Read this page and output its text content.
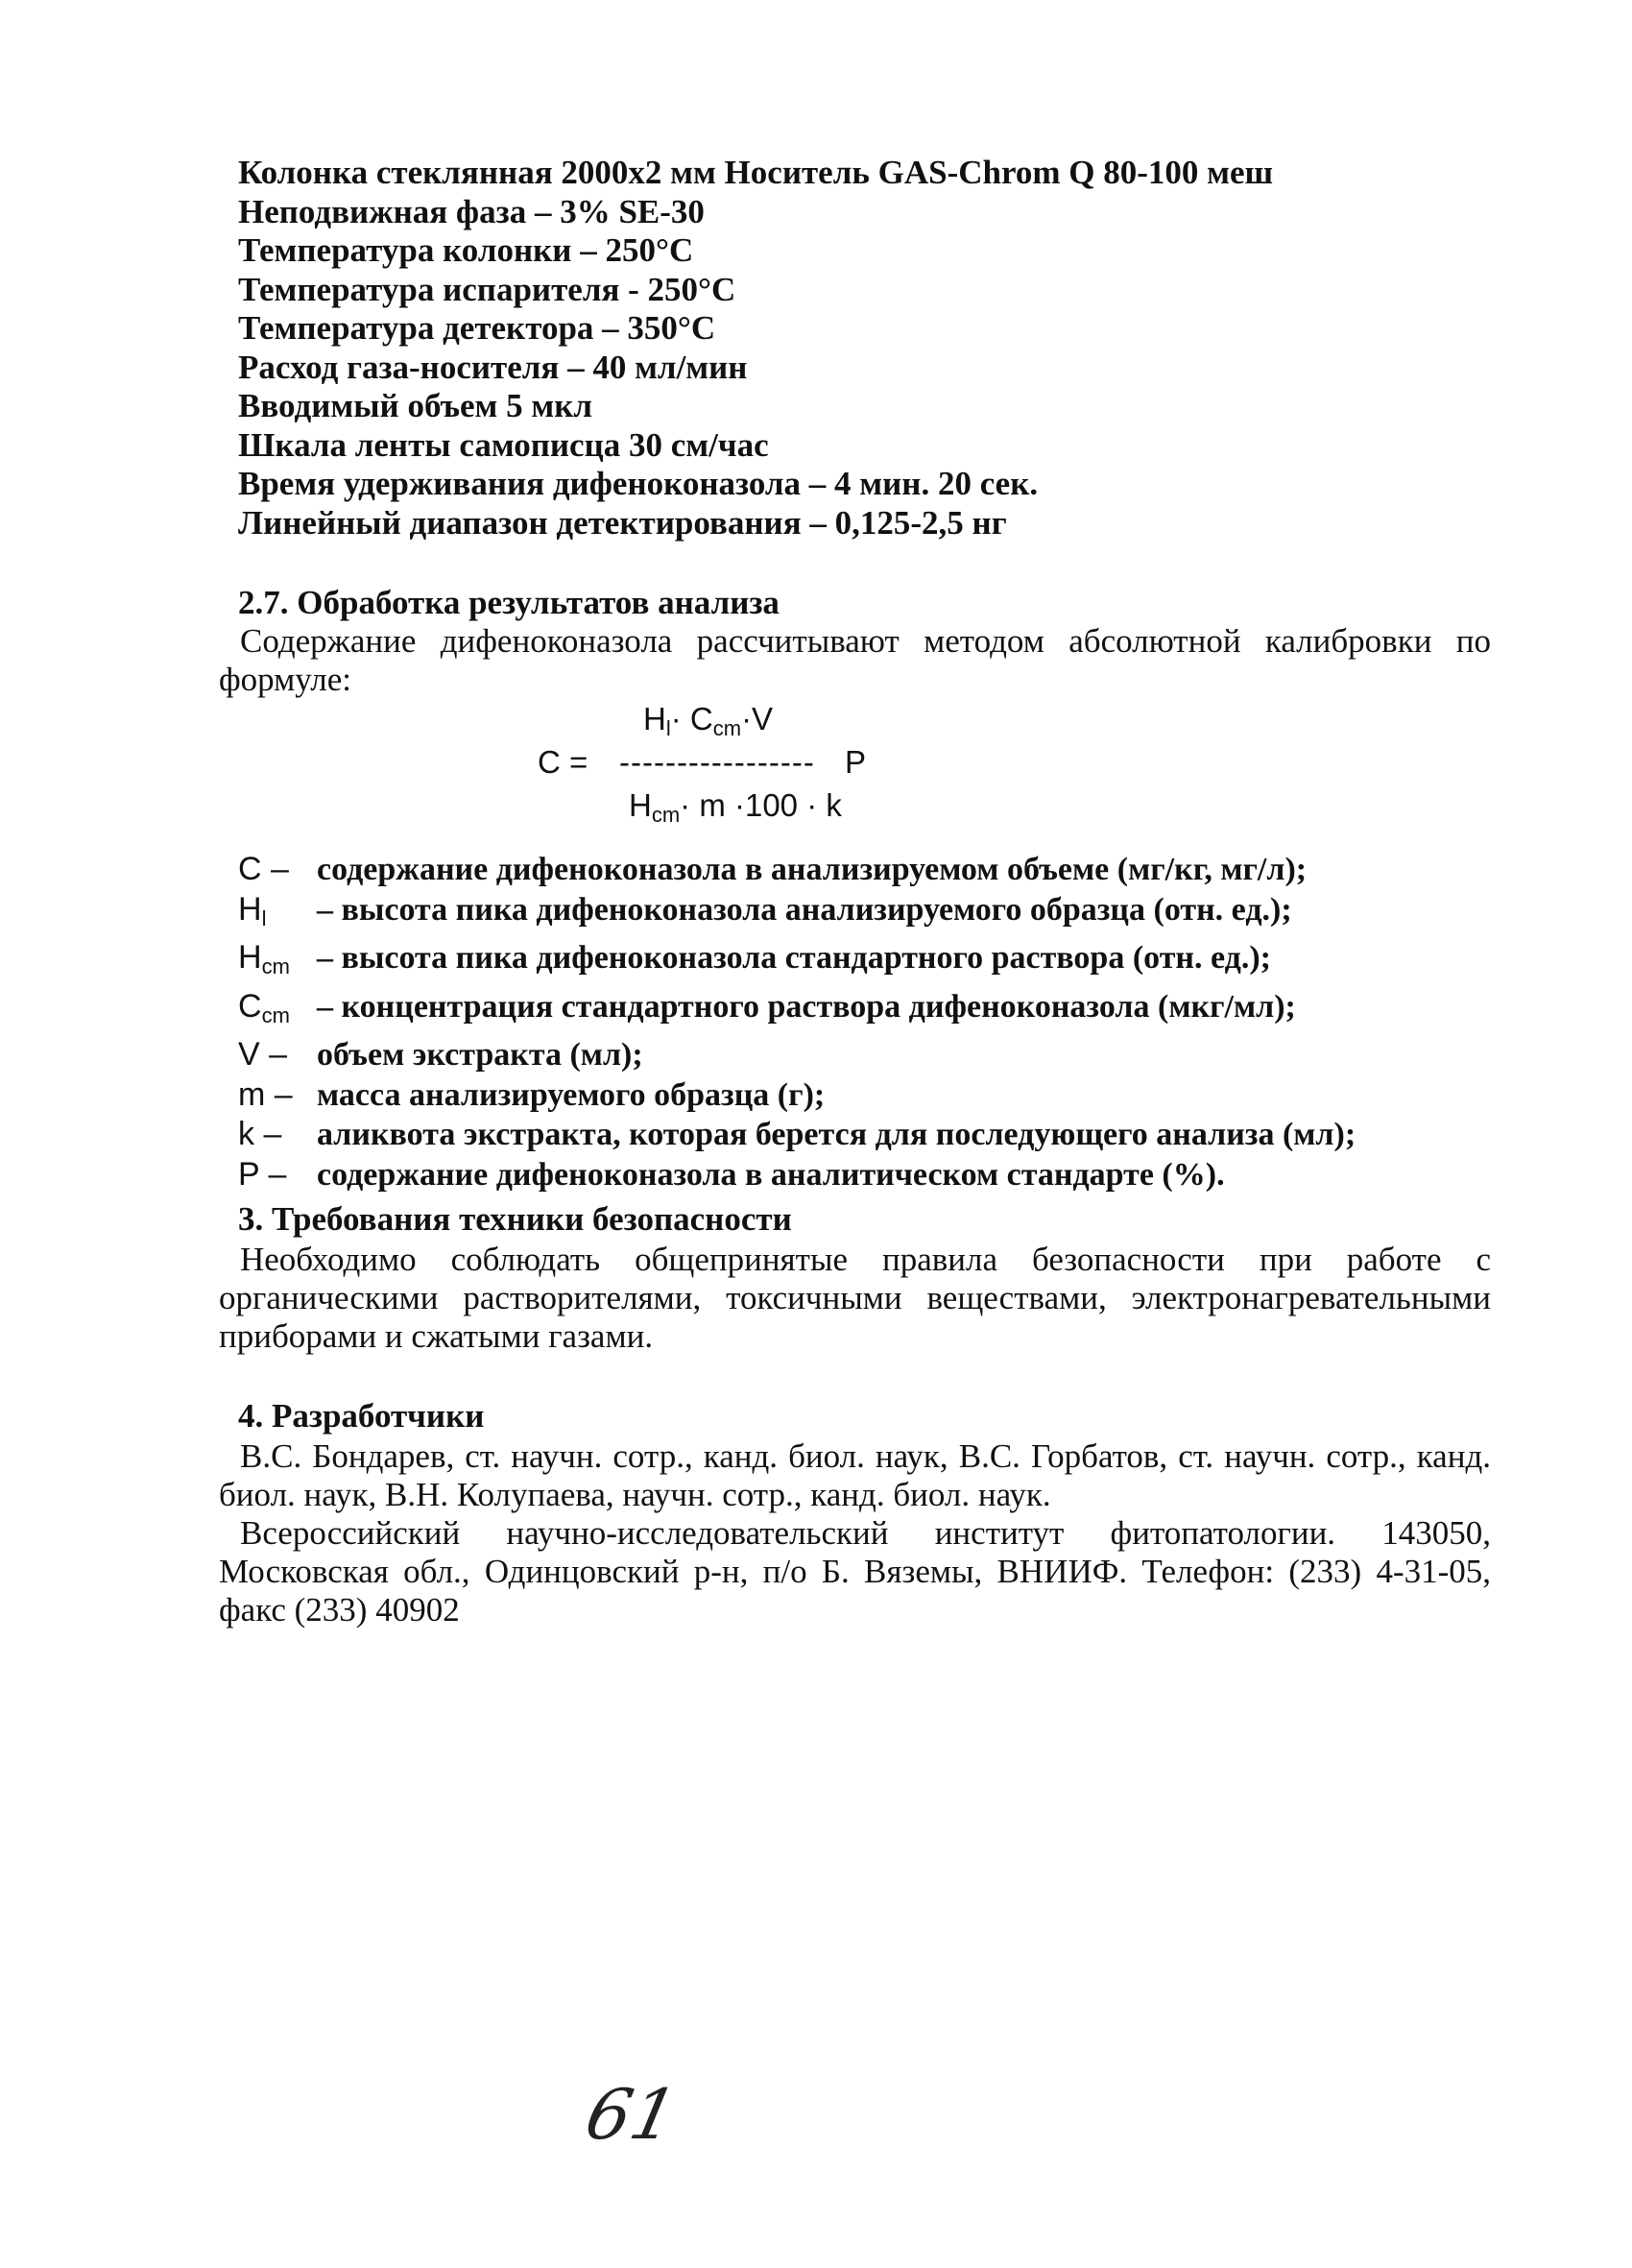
Колонка стеклянная 2000х2 мм Носитель GAS-Chrom Q 80-100 меш
Неподвижная фаза – 3% SE-30
Температура колонки – 250°С
Температура испарителя - 250°С
Температура детектора – 350°С
Расход газа-носителя – 40 мл/мин
Вводимый объем 5 мкл
Шкала ленты самописца 30 см/час
Время удерживания дифеноконазола – 4 мин. 20 сек.
Линейный диапазон детектирования – 0,125-2,5 нг
2.7. Обработка результатов анализа
Содержание дифеноконазола рассчитывают методом абсолютной калибровки по формуле:
$H_l\cdot C_{cm}\cdot V$
C = ----------------- P
$H_{cm}\cdot m \cdot 100 \cdot k$
C – содержание дифеноконазола в анализируемом объеме (мг/кг, мг/л);
$H_l$ – высота пика дифеноконазола анализируемого образца (отн. ед.);
$H_{cm}$ – высота пика дифеноконазола стандартного раствора (отн. ед.);
$C_{cm}$ – концентрация стандартного раствора дифеноконазола (мкг/мл);
V – объем экстракта (мл);
m – масса анализируемого образца (г);
k – аликвота экстракта, которая берется для последующего анализа (мл);
P – содержание дифеноконазола в аналитическом стандарте (%).
3. Требования техники безопасности
Необходимо соблюдать общепринятые правила безопасности при работе с органическими растворителями, токсичными веществами, электронагревательными приборами и сжатыми газами.
4. Разработчики
В.С. Бондарев, ст. научн. сотр., канд. биол. наук, В.С. Горбатов, ст. научн. сотр., канд. биол. наук, В.Н. Колупаева, научн. сотр., канд. биол. наук.
Всероссийский научно-исследовательский институт фитопатологии. 143050, Московская обл., Одинцовский р-н, п/о Б. Вяземы, ВНИИФ. Телефон: (233) 4-31-05, факс (233) 40902
61
